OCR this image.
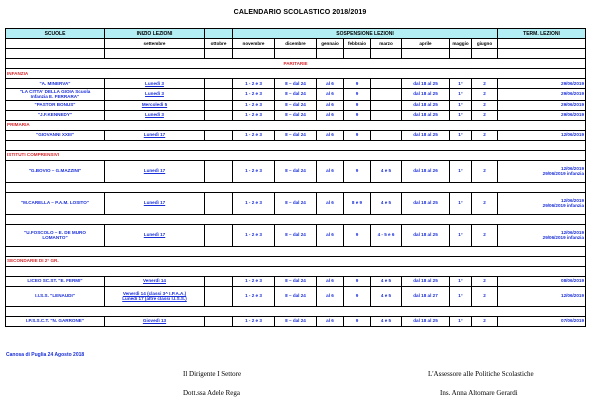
CALENDARIO SCOLASTICO 2018/2019
SCUOLE	INIZIO LEZIONI		SOSPENSIONE LEZIONI								TERM. LEZIONI
	settembre	ottobre	novembre	dicembre	gennaio	febbraio	marzo	aprile	maggio	giugno	

PARITARIE											
INFANZIA											
"A. MINERVA"	Lunedì 3		1 - 2 e 3	8 – dal 24	al 6	9		dal 18 al 25	1°	2	29/06/2019
"LA CITTA' DELLA GIOIA Scuola
Infanzia E. FERRARA"	Lunedì 3		1 - 2 e 3	8 – dal 24	al 6	9		dal 18 al 25	1°	2	29/06/2019
"PASTOR BONUS"	Mercoledì 5		1 - 2 e 3	8 – dal 24	al 6	9		dal 18 al 25	1°	2	29/06/2019
"J.F.KENNEDY"	Lunedì 3		1 - 2 e 3	8 – dal 24	al 6	9		dal 18 al 25	1°	2	29/06/2019
PRIMARIA											
"GIOVANNI XXIII"	Lunedì 17		1 - 2 e 3	8 – dal 24	al 6	9		dal 18 al 25	1°	2	12/06/2019

ISTITUTI COMPRENSIVI											
"G.BOVIO – G.MAZZINI"	Lunedì 17		1 - 2 e 3	8 – dal 24	al 6	9	4 e 5	dal 18 al 26	1°	2	12/06/2019
29/06/2019 infanzia

"M.CARELLA – P.A.M. LOSITO"	Lunedì 17		1 - 2 e 3	8 – dal 24	al 6	8 e 9	4 e 5	dal 18 al 25	1°	2	12/06/2019
29/06/2019 infanzia

"U.FOSCOLO – E. DE MURO
LOMANTO"	Lunedì 17		1 - 2 e 3	8 – dal 24	al 6	9	4 - 5 e 6	dal 18 al 25	1°	2	12/06/2019
29/06/2019 infanzia

SECONDARIE DI 2° GR.											

LICEO SC.ST. "E. FERMI"	Venerdì 14		1 - 2 e 3	8 – dal 24	al 6	9	4 e 5	dal 18 al 25	1°	2	08/06/2019
I.I.S.S. "LENAUDI"	Venerdì 14 (classi 3^ I.P.A.A.)
Lunedì 17 (altre classi I.I.S.S.)		1 - 2 e 3	8 – dal 24	al 6	9	4 e 5	dal 18 al 27	1°	2	12/06/2019

I.P.S.S.C.T. "N. GARRONE"	Giovedì 13		1 - 2 e 3	8 – dal 24	al 6	9	4 e 5	dal 18 al 25	1°	2	07/06/2019
Canosa di Puglia 24 Agosto 2018
Il Dirigente I Settore
Dott.ssa Adele Rega
L'Assessore alle Politiche Scolastiche
Ins. Anna Altomare Gerardi
